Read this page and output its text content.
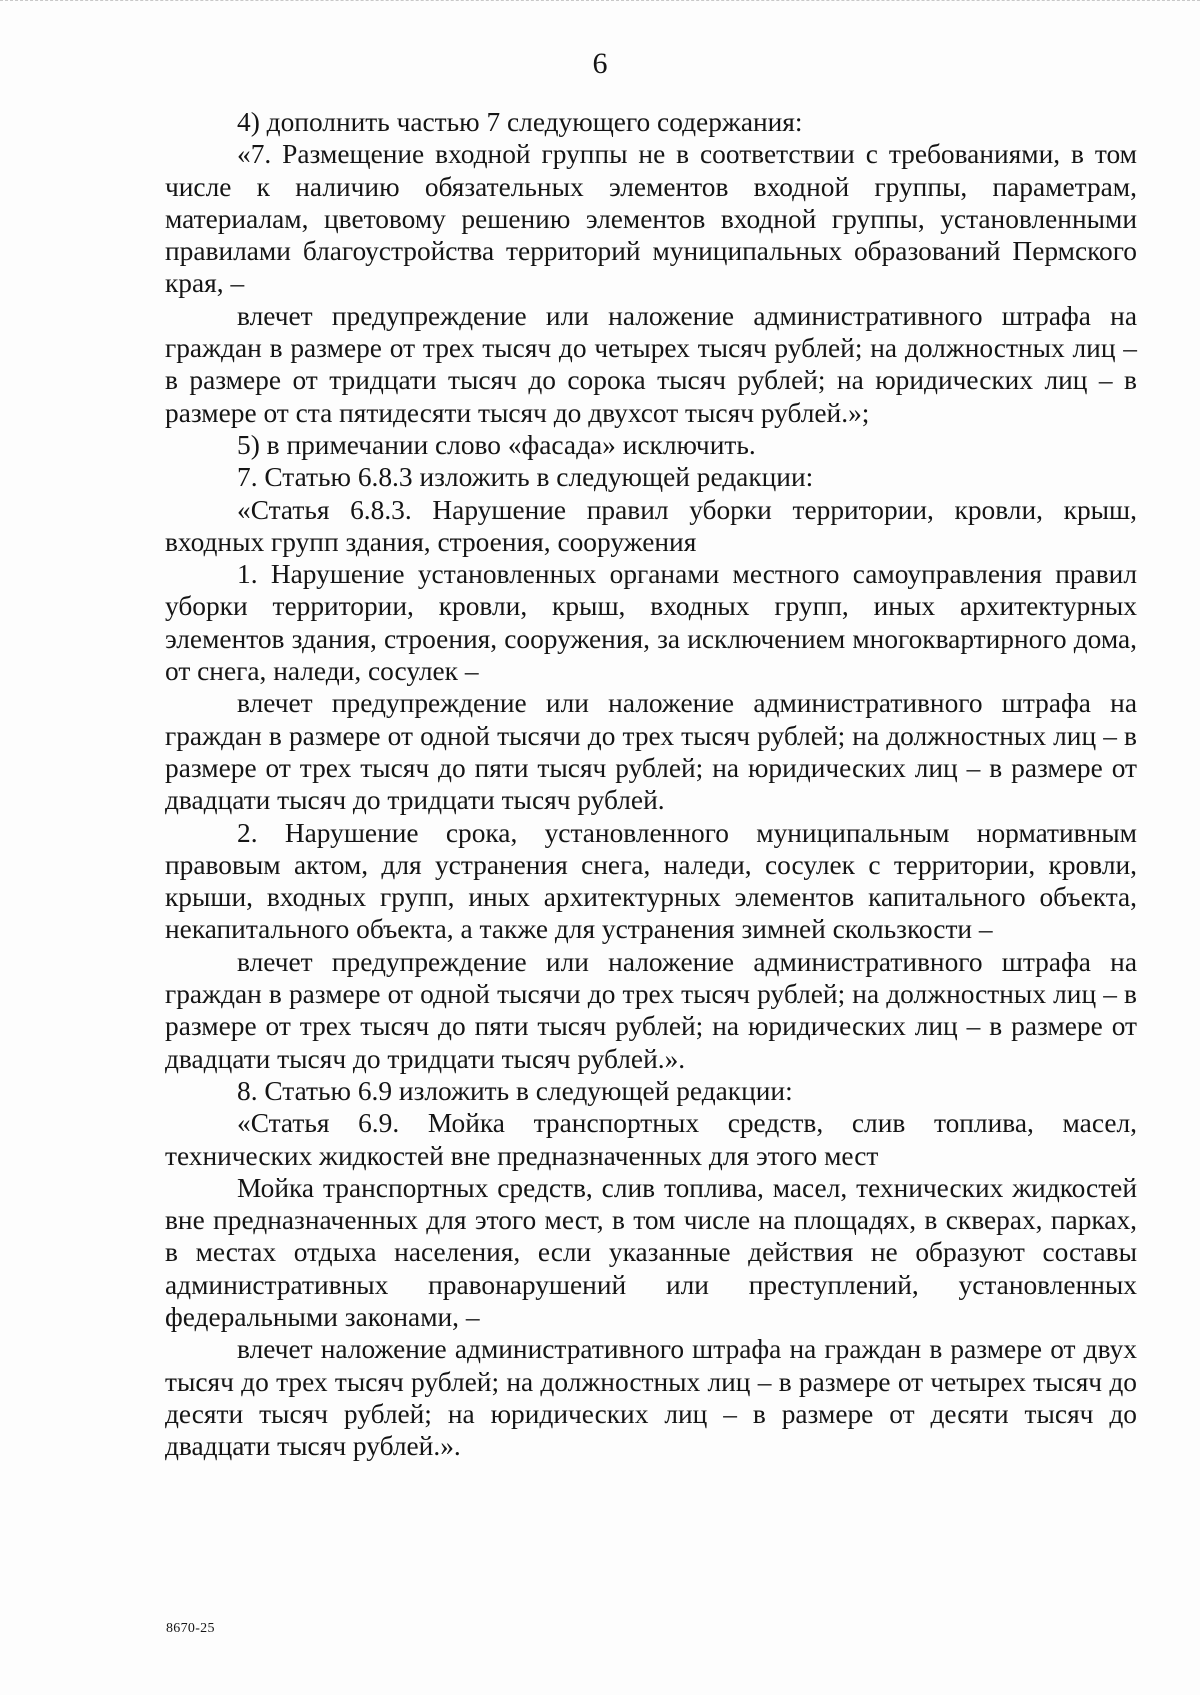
6

4) дополнить частью 7 следующего содержания:

«7. Размещение входной группы не в соответствии с требованиями, в том числе к наличию обязательных элементов входной группы, параметрам, материалам, цветовому решению элементов входной группы, установленными правилами благоустройства территорий муниципальных образований Пермского края, –

влечет предупреждение или наложение административного штрафа на граждан в размере от трех тысяч до четырех тысяч рублей; на должностных лиц – в размере от тридцати тысяч до сорока тысяч рублей; на юридических лиц – в размере от ста пятидесяти тысяч до двухсот тысяч рублей.»;

5) в примечании слово «фасада» исключить.

7. Статью 6.8.3 изложить в следующей редакции:

«Статья 6.8.3. Нарушение правил уборки территории, кровли, крыш, входных групп здания, строения, сооружения

1. Нарушение установленных органами местного самоуправления правил уборки территории, кровли, крыш, входных групп, иных архитектурных элементов здания, строения, сооружения, за исключением многоквартирного дома, от снега, наледи, сосулек –

влечет предупреждение или наложение административного штрафа на граждан в размере от одной тысячи до трех тысяч рублей; на должностных лиц – в размере от трех тысяч до пяти тысяч рублей; на юридических лиц – в размере от двадцати тысяч до тридцати тысяч рублей.

2. Нарушение срока, установленного муниципальным нормативным правовым актом, для устранения снега, наледи, сосулек с территории, кровли, крыши, входных групп, иных архитектурных элементов капитального объекта, некапитального объекта, а также для устранения зимней скользкости –

влечет предупреждение или наложение административного штрафа на граждан в размере от одной тысячи до трех тысяч рублей; на должностных лиц – в размере от трех тысяч до пяти тысяч рублей; на юридических лиц – в размере от двадцати тысяч до тридцати тысяч рублей.».

8. Статью 6.9 изложить в следующей редакции:

«Статья 6.9. Мойка транспортных средств, слив топлива, масел, технических жидкостей вне предназначенных для этого мест

Мойка транспортных средств, слив топлива, масел, технических жидкостей вне предназначенных для этого мест, в том числе на площадях, в скверах, парках, в местах отдыха населения, если указанные действия не образуют составы административных правонарушений или преступлений, установленных федеральными законами, –

влечет наложение административного штрафа на граждан в размере от двух тысяч до трех тысяч рублей; на должностных лиц – в размере от четырех тысяч до десяти тысяч рублей; на юридических лиц – в размере от десяти тысяч до двадцати тысяч рублей.».

8670-25
